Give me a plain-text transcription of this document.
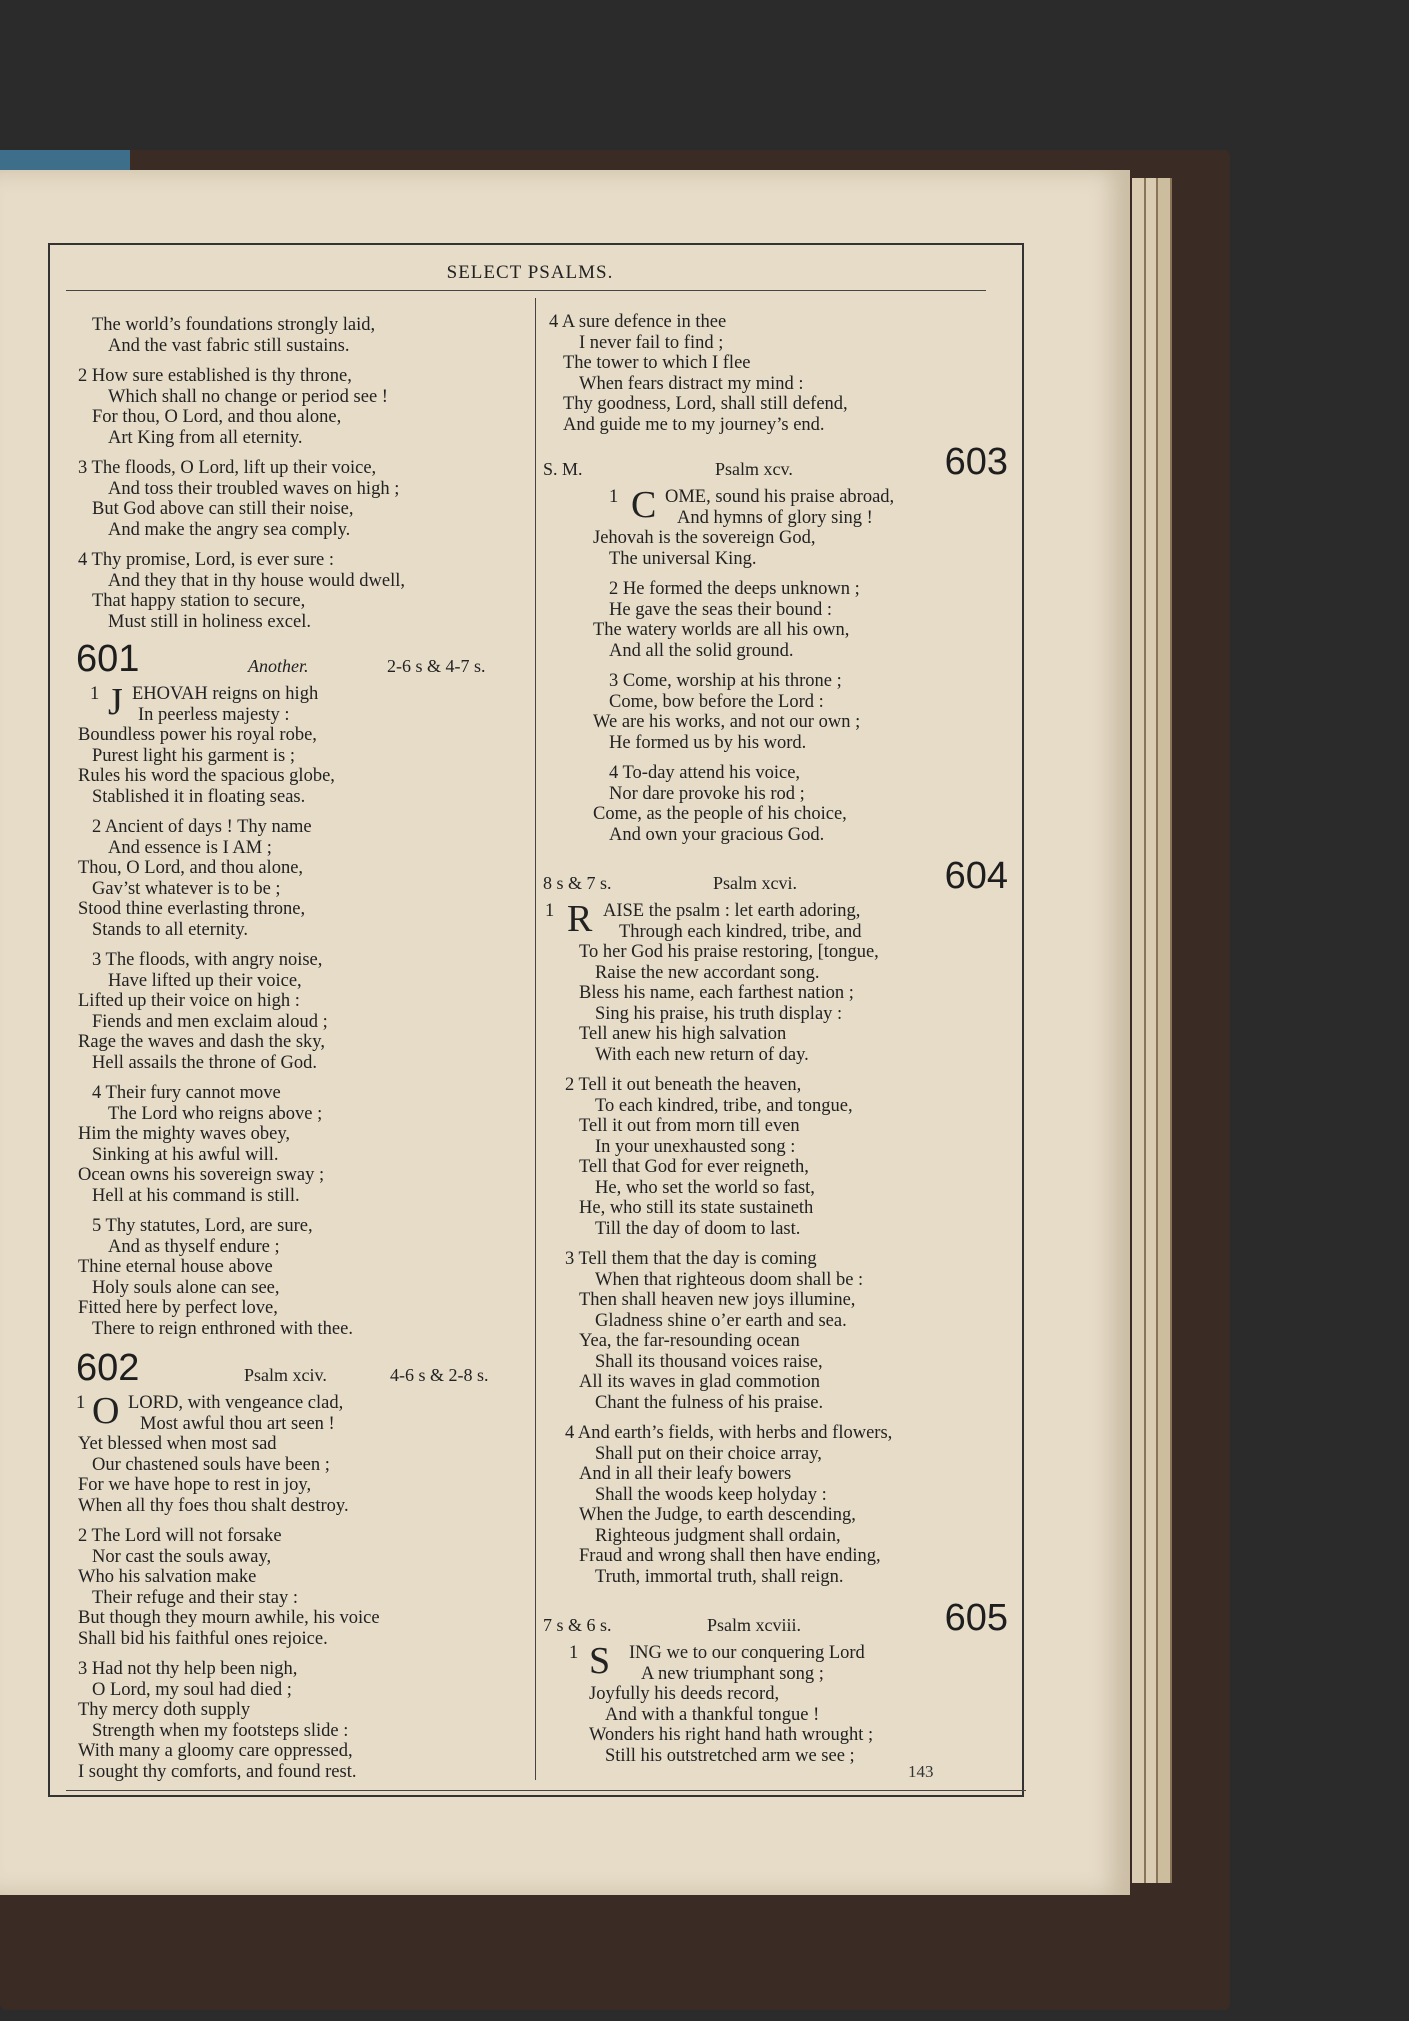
SELECT PSALMS.
The world’s foundations strongly laid,
And the vast fabric still sustains.
2 How sure established is thy throne,
Which shall no change or period see !
For thou, O Lord, and thou alone,
Art King from all eternity.
3 The floods, O Lord, lift up their voice,
And toss their troubled waves on high ;
But God above can still their noise,
And make the angry sea comply.
4 Thy promise, Lord, is ever sure :
And they that in thy house would dwell,
That happy station to secure,
Must still in holiness excel.
601	Another.	2-6 s & 4-7 s.
1 J EHOVAH reigns on high
In peerless majesty :
Boundless power his royal robe,
Purest light his garment is ;
Rules his word the spacious globe,
Stablished it in floating seas.
2 Ancient of days ! Thy name
And essence is I AM ;
Thou, O Lord, and thou alone,
Gav’st whatever is to be ;
Stood thine everlasting throne,
Stands to all eternity.
3 The floods, with angry noise,
Have lifted up their voice,
Lifted up their voice on high :
Fiends and men exclaim aloud ;
Rage the waves and dash the sky,
Hell assails the throne of God.
4 Their fury cannot move
The Lord who reigns above ;
Him the mighty waves obey,
Sinking at his awful will.
Ocean owns his sovereign sway ;
Hell at his command is still.
5 Thy statutes, Lord, are sure,
And as thyself endure ;
Thine eternal house above
Holy souls alone can see,
Fitted here by perfect love,
There to reign enthroned with thee.
602	Psalm xciv.	4-6 s & 2-8 s.
1 O LORD, with vengeance clad,
Most awful thou art seen !
Yet blessed when most sad
Our chastened souls have been ;
For we have hope to rest in joy,
When all thy foes thou shalt destroy.
2 The Lord will not forsake
Nor cast the souls away,
Who his salvation make
Their refuge and their stay :
But though they mourn awhile, his voice
Shall bid his faithful ones rejoice.
3 Had not thy help been nigh,
O Lord, my soul had died ;
Thy mercy doth supply
Strength when my footsteps slide :
With many a gloomy care oppressed,
I sought thy comforts, and found rest.
4 A sure defence in thee
I never fail to find ;
The tower to which I flee
When fears distract my mind :
Thy goodness, Lord, shall still defend,
And guide me to my journey’s end.
S. M.	Psalm xcv.	603
1 C OME, sound his praise abroad,
And hymns of glory sing !
Jehovah is the sovereign God,
The universal King.
2 He formed the deeps unknown ;
He gave the seas their bound :
The watery worlds are all his own,
And all the solid ground.
3 Come, worship at his throne ;
Come, bow before the Lord :
We are his works, and not our own ;
He formed us by his word.
4 To-day attend his voice,
Nor dare provoke his rod ;
Come, as the people of his choice,
And own your gracious God.
8 s & 7 s.	Psalm xcvi.	604
1 R AISE the psalm : let earth adoring,
Through each kindred, tribe, and
To her God his praise restoring, [tongue,
Raise the new accordant song.
Bless his name, each farthest nation ;
Sing his praise, his truth display :
Tell anew his high salvation
With each new return of day.
2 Tell it out beneath the heaven,
To each kindred, tribe, and tongue,
Tell it out from morn till even
In your unexhausted song :
Tell that God for ever reigneth,
He, who set the world so fast,
He, who still its state sustaineth
Till the day of doom to last.
3 Tell them that the day is coming
When that righteous doom shall be :
Then shall heaven new joys illumine,
Gladness shine o’er earth and sea.
Yea, the far-resounding ocean
Shall its thousand voices raise,
All its waves in glad commotion
Chant the fulness of his praise.
4 And earth’s fields, with herbs and flowers,
Shall put on their choice array,
And in all their leafy bowers
Shall the woods keep holyday :
When the Judge, to earth descending,
Righteous judgment shall ordain,
Fraud and wrong shall then have ending,
Truth, immortal truth, shall reign.
7 s & 6 s.	Psalm xcviii.	605
1 S	ING we to our conquering Lord
A new triumphant song ;
Joyfully his deeds record,
And with a thankful tongue !
Wonders his right hand hath wrought ;
Still his outstretched arm we see ;
143
